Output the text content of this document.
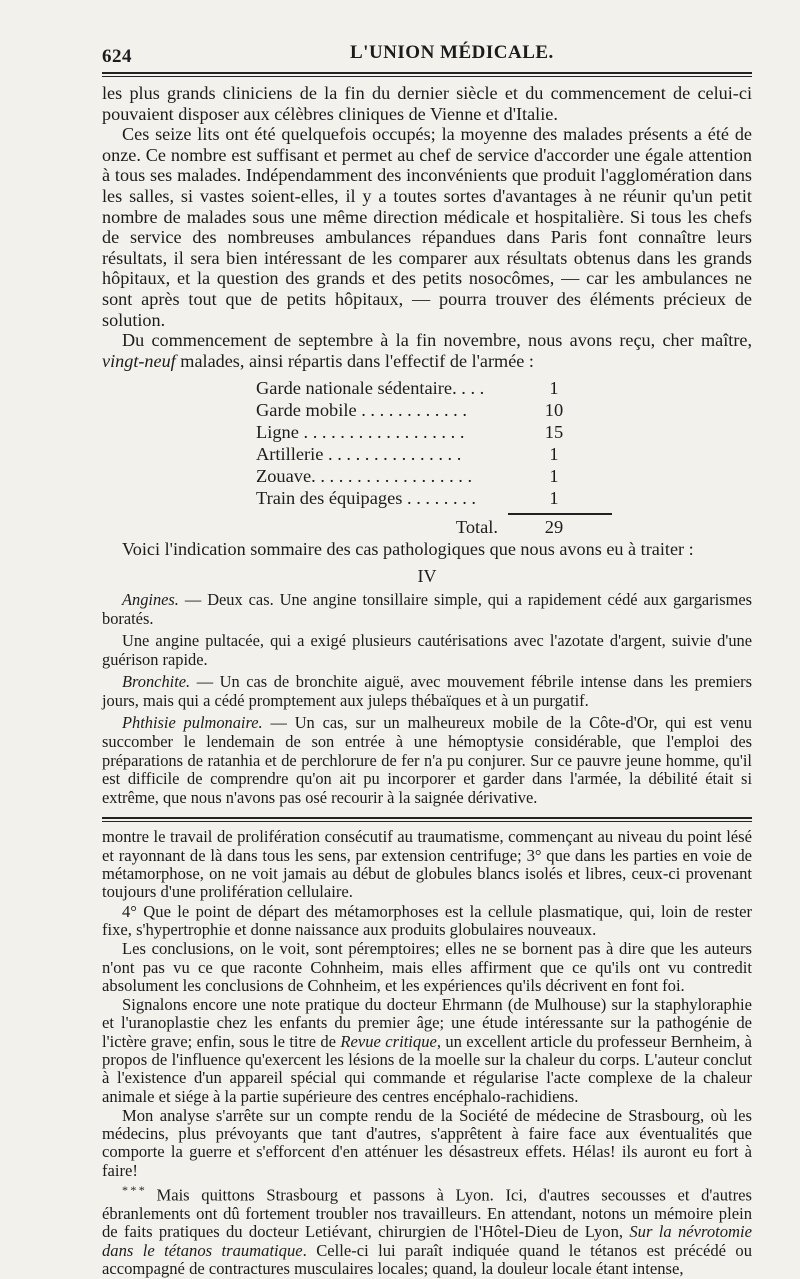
624	L'UNION MÉDICALE.

les plus grands cliniciens de la fin du dernier siècle et du commencement de celui-ci pouvaient disposer aux célèbres cliniques de Vienne et d'Italie.

Ces seize lits ont été quelquefois occupés; la moyenne des malades présents a été de onze. Ce nombre est suffisant et permet au chef de service d'accorder une égale attention à tous ses malades. Indépendamment des inconvénients que produit l'agglomération dans les salles, si vastes soient-elles, il y a toutes sortes d'avantages à ne réunir qu'un petit nombre de malades sous une même direction médicale et hospitalière. Si tous les chefs de service des nombreuses ambulances répandues dans Paris font connaître leurs résultats, il sera bien intéressant de les comparer aux résultats obtenus dans les grands hôpitaux, et la question des grands et des petits nosocômes, — car les ambulances ne sont après tout que de petits hôpitaux, — pourra trouver des éléments précieux de solution.

Du commencement de septembre à la fin novembre, nous avons reçu, cher maître, vingt-neuf malades, ainsi répartis dans l'effectif de l'armée :

Garde nationale sédentaire. . . .	1
Garde mobile . . . . . . . . . . . .	10
Ligne . . . . . . . . . . . . . . . . . .	15
Artillerie . . . . . . . . . . . . . . .	1
Zouave. . . . . . . . . . . . . . . . . .	1
Train des équipages . . . . . . . .	1
Total.	29

Voici l'indication sommaire des cas pathologiques que nous avons eu à traiter :

IV

Angines. — Deux cas. Une angine tonsillaire simple, qui a rapidement cédé aux gargarismes boratés.

Une angine pultacée, qui a exigé plusieurs cautérisations avec l'azotate d'argent, suivie d'une guérison rapide.

Bronchite. — Un cas de bronchite aiguë, avec mouvement fébrile intense dans les premiers jours, mais qui a cédé promptement aux juleps thébaïques et à un purgatif.

Phthisie pulmonaire. — Un cas, sur un malheureux mobile de la Côte-d'Or, qui est venu succomber le lendemain de son entrée à une hémoptysie considérable, que l'emploi des préparations de ratanhia et de perchlorure de fer n'a pu conjurer. Sur ce pauvre jeune homme, qu'il est difficile de comprendre qu'on ait pu incorporer et garder dans l'armée, la débilité était si extrême, que nous n'avons pas osé recourir à la saignée dérivative.

montre le travail de prolifération consécutif au traumatisme, commençant au niveau du point lésé et rayonnant de là dans tous les sens, par extension centrifuge; 3° que dans les parties en voie de métamorphose, on ne voit jamais au début de globules blancs isolés et libres, ceux-ci provenant toujours d'une prolifération cellulaire.

4° Que le point de départ des métamorphoses est la cellule plasmatique, qui, loin de rester fixe, s'hypertrophie et donne naissance aux produits globulaires nouveaux.

Les conclusions, on le voit, sont péremptoires; elles ne se bornent pas à dire que les auteurs n'ont pas vu ce que raconte Cohnheim, mais elles affirment que ce qu'ils ont vu contredit absolument les conclusions de Cohnheim, et les expériences qu'ils décrivent en font foi.

Signalons encore une note pratique du docteur Ehrmann (de Mulhouse) sur la staphyloraphie et l'uranoplastie chez les enfants du premier âge; une étude intéressante sur la pathogénie de l'ictère grave; enfin, sous le titre de Revue critique, un excellent article du professeur Bernheim, à propos de l'influence qu'exercent les lésions de la moelle sur la chaleur du corps. L'auteur conclut à l'existence d'un appareil spécial qui commande et régularise l'acte complexe de la chaleur animale et siége à la partie supérieure des centres encéphalo-rachidiens.

Mon analyse s'arrête sur un compte rendu de la Société de médecine de Strasbourg, où les médecins, plus prévoyants que tant d'autres, s'apprêtent à faire face aux éventualités que comporte la guerre et s'efforcent d'en atténuer les désastreux effets. Hélas! ils auront eu fort à faire!

* * * Mais quittons Strasbourg et passons à Lyon. Ici, d'autres secousses et d'autres ébranlements ont dû fortement troubler nos travailleurs. En attendant, notons un mémoire plein de faits pratiques du docteur Letiévant, chirurgien de l'Hôtel-Dieu de Lyon, Sur la névrotomie dans le tétanos traumatique. Celle-ci lui paraît indiquée quand le tétanos est précédé ou accompagné de contractures musculaires locales; quand, la douleur locale étant intense,
